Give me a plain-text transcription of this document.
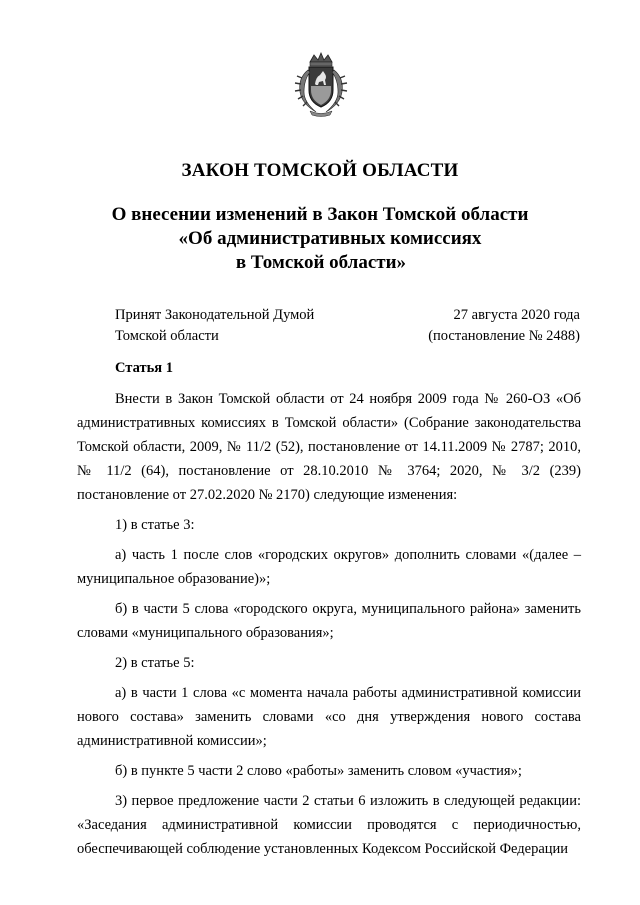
ЗАКОН ТОМСКОЙ ОБЛАСТИ
О внесении изменений в Закон Томской области
«Об административных комиссиях
в Томской области»
Принят Законодательной Думой
Томской области
27 августа 2020 года
(постановление № 2488)
Статья 1

Внести в Закон Томской области от 24 ноября 2009 года № 260-ОЗ «Об административных комиссиях в Томской области» (Собрание законодательства Томской области, 2009, № 11/2 (52), постановление от 14.11.2009 № 2787; 2010, № 11/2 (64), постановление от 28.10.2010 № 3764; 2020, № 3/2 (239) постановление от 27.02.2020 № 2170) следующие изменения:

1) в статье 3:

а) часть 1 после слов «городских округов» дополнить словами «(далее – муниципальное образование)»;

б) в части 5 слова «городского округа, муниципального района» заменить словами «муниципального образования»;

2) в статье 5:

а) в части 1 слова «с момента начала работы административной комиссии нового состава» заменить словами «со дня утверждения нового состава административной комиссии»;

б) в пункте 5 части 2 слово «работы» заменить словом «участия»;

3) первое предложение части 2 статьи 6 изложить в следующей редакции: «Заседания административной комиссии проводятся с периодичностью, обеспечивающей соблюдение установленных Кодексом Российской Федерации
